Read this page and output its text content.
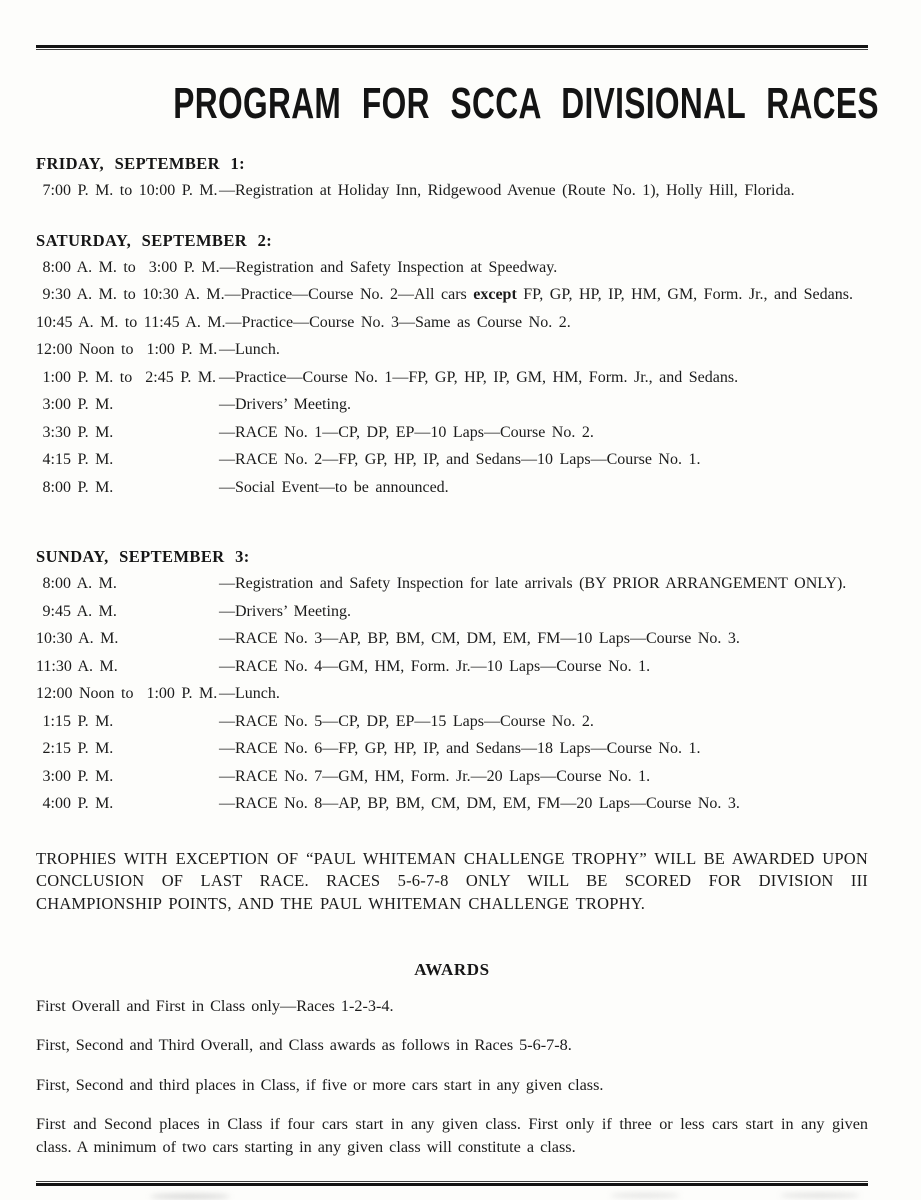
PROGRAM FOR SCCA DIVISIONAL RACES
FRIDAY, SEPTEMBER 1:
7:00 P. M. to 10:00 P. M. —Registration at Holiday Inn, Ridgewood Avenue (Route No. 1), Holly Hill, Florida.
SATURDAY, SEPTEMBER 2:
8:00 A. M. to  3:00 P. M. —Registration and Safety Inspection at Speedway.
9:30 A. M. to 10:30 A. M. —Practice—Course No. 2—All cars except FP, GP, HP, IP, HM, GM, Form. Jr., and Sedans.
10:45 A. M. to 11:45 A. M. —Practice—Course No. 3—Same as Course No. 2.
12:00 Noon to  1:00 P. M. —Lunch.
1:00 P. M. to  2:45 P. M. —Practice—Course No. 1—FP, GP, HP, IP, GM, HM, Form. Jr., and Sedans.
3:00 P. M.	—Drivers’ Meeting.
3:30 P. M.	—RACE No. 1—CP, DP, EP—10 Laps—Course No. 2.
4:15 P. M.	—RACE No. 2—FP, GP, HP, IP, and Sedans—10 Laps—Course No. 1.
8:00 P. M.	—Social Event—to be announced.
SUNDAY, SEPTEMBER 3:
8:00 A. M.	—Registration and Safety Inspection for late arrivals (BY PRIOR ARRANGEMENT ONLY).
9:45 A. M.	—Drivers’ Meeting.
10:30 A. M.	—RACE No. 3—AP, BP, BM, CM, DM, EM, FM—10 Laps—Course No. 3.
11:30 A. M.	—RACE No. 4—GM, HM, Form. Jr.—10 Laps—Course No. 1.
12:00 Noon to  1:00 P. M. —Lunch.
1:15 P. M.	—RACE No. 5—CP, DP, EP—15 Laps—Course No. 2.
2:15 P. M.	—RACE No. 6—FP, GP, HP, IP, and Sedans—18 Laps—Course No. 1.
3:00 P. M.	—RACE No. 7—GM, HM, Form. Jr.—20 Laps—Course No. 1.
4:00 P. M.	—RACE No. 8—AP, BP, BM, CM, DM, EM, FM—20 Laps—Course No. 3.

TROPHIES WITH EXCEPTION OF “PAUL WHITEMAN CHALLENGE TROPHY” WILL BE AWARDED UPON CONCLUSION OF LAST RACE. RACES 5-6-7-8 ONLY WILL BE SCORED FOR DIVISION III CHAMPIONSHIP POINTS, AND THE PAUL WHITEMAN CHALLENGE TROPHY.

AWARDS

First Overall and First in Class only—Races 1-2-3-4.

First, Second and Third Overall, and Class awards as follows in Races 5-6-7-8.

First, Second and third places in Class, if five or more cars start in any given class.

First and Second places in Class if four cars start in any given class. First only if three or less cars start in any given class. A minimum of two cars starting in any given class will constitute a class.
